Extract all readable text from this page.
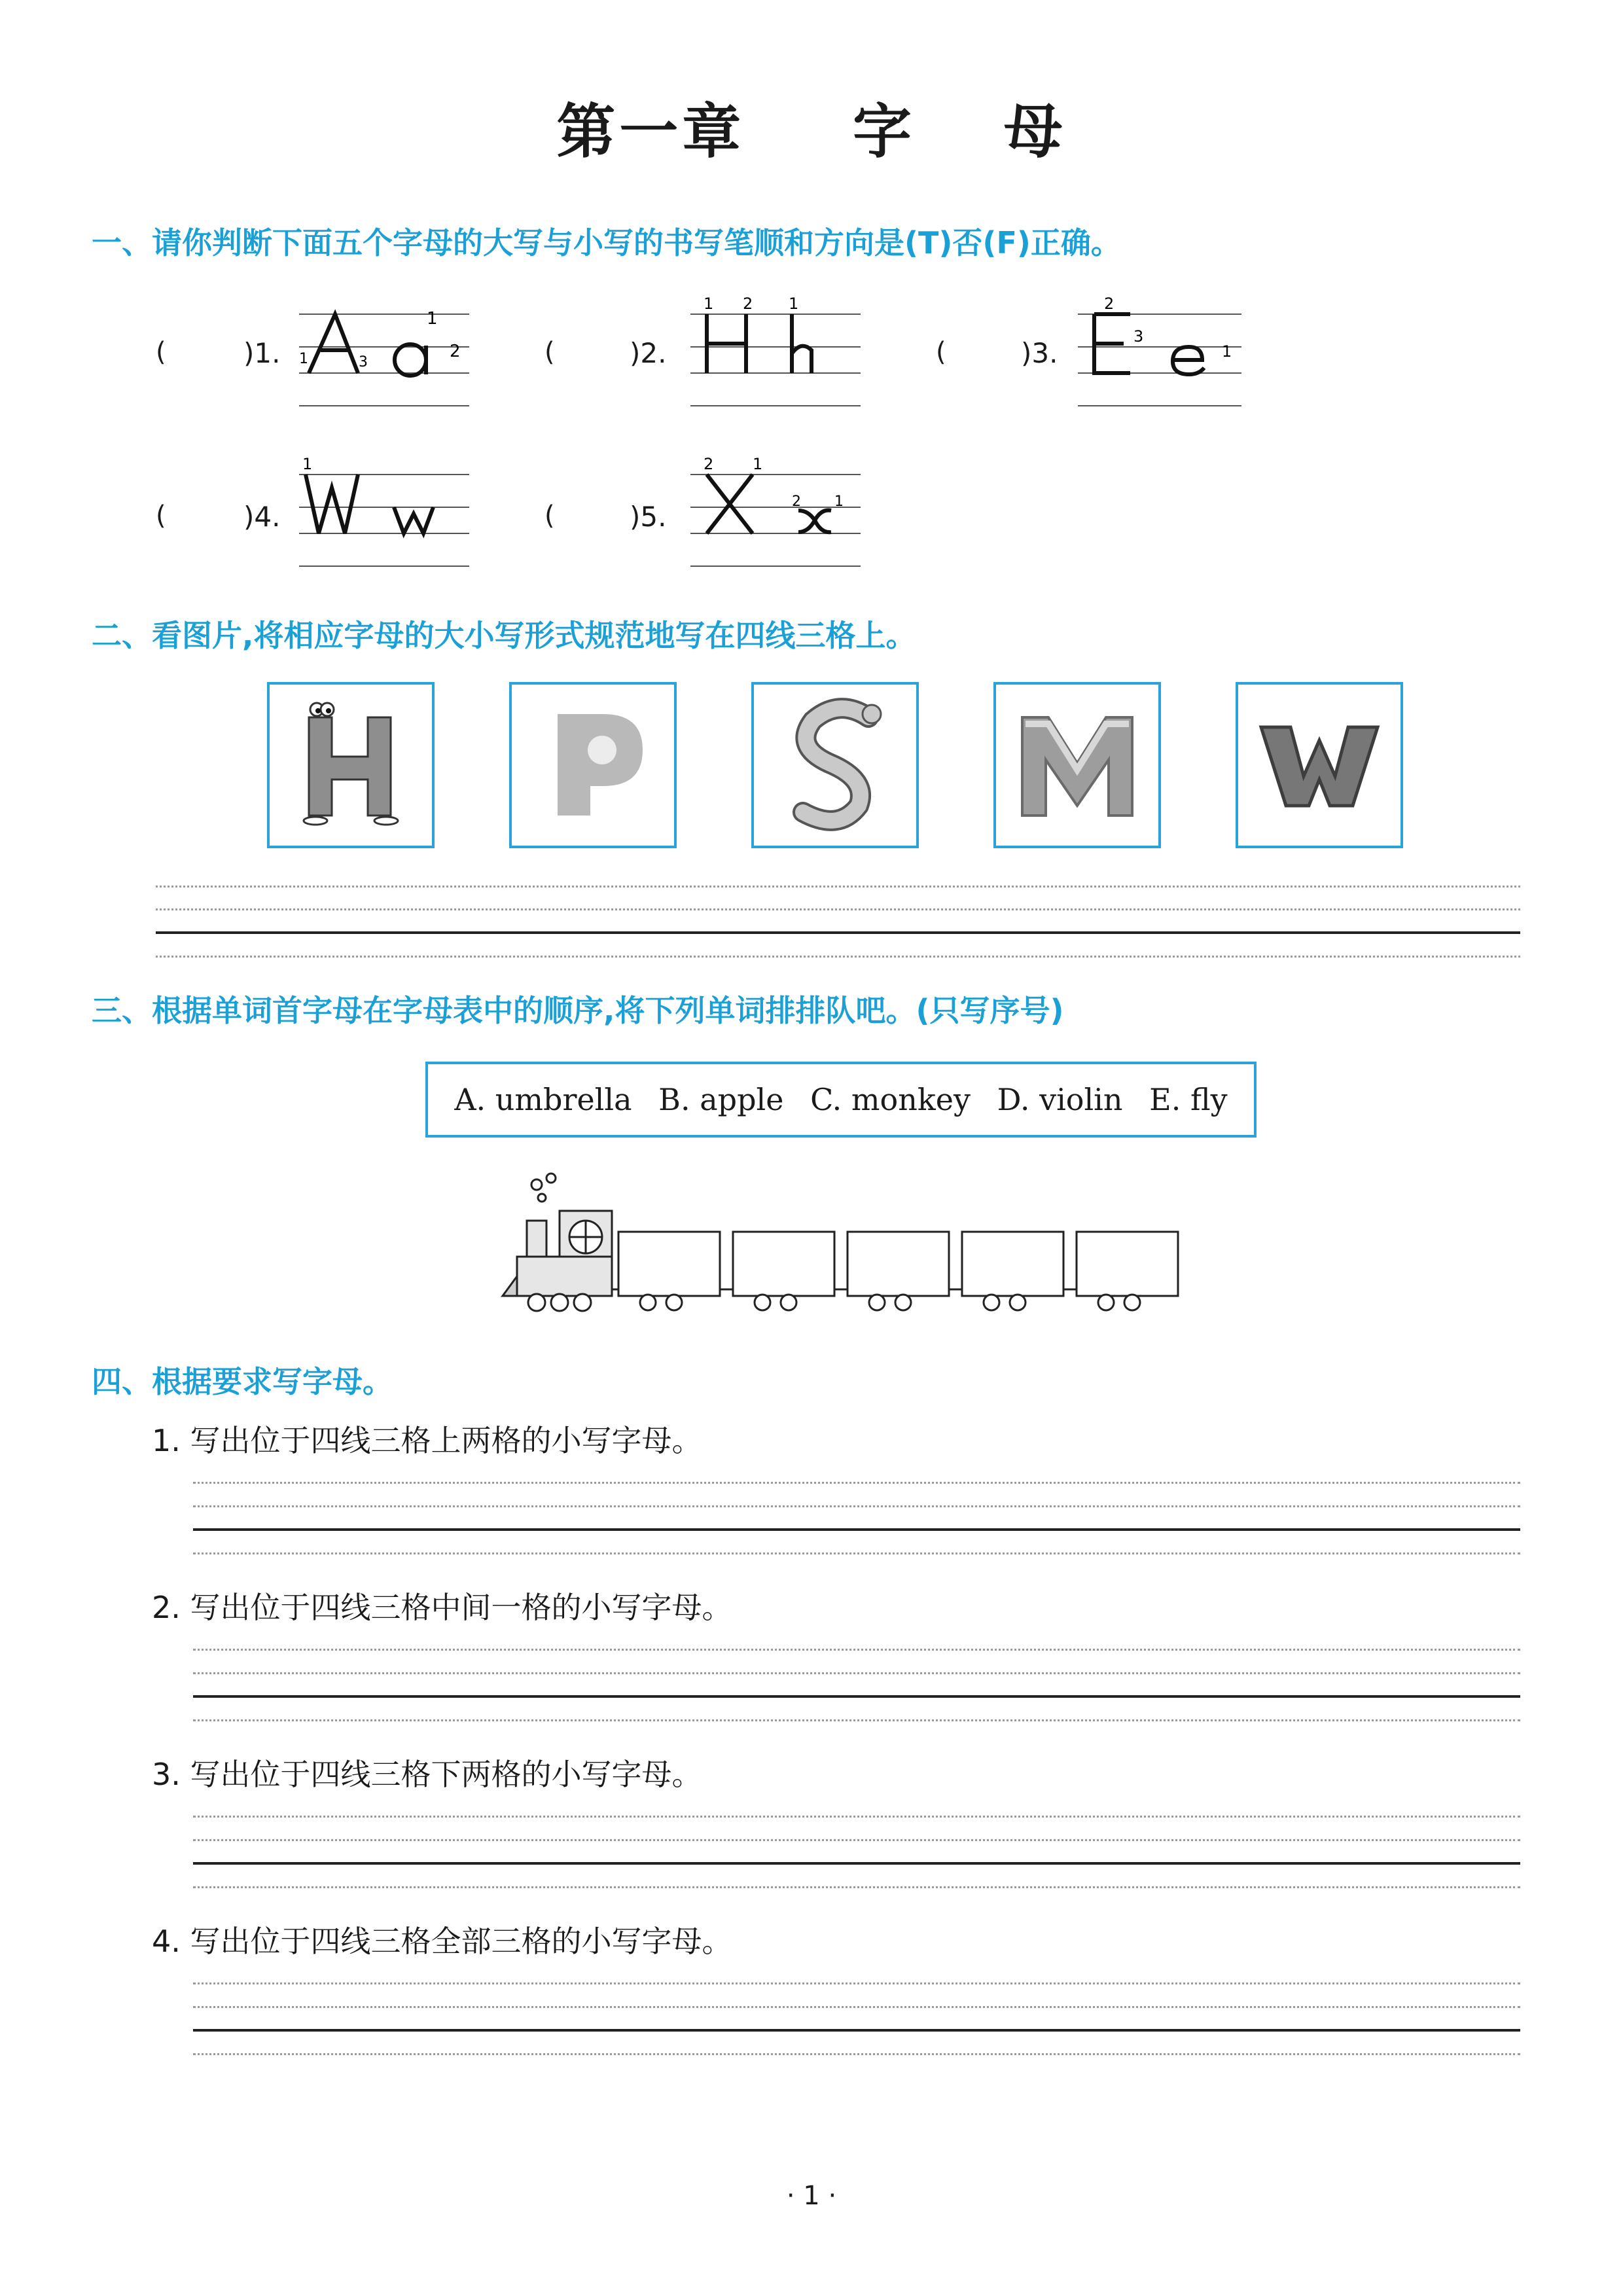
第一章 字 母
一、请你判断下面五个字母的大写与小写的书写笔顺和方向是(T)否(F)正确。
(	)1.
1
2
1	3	(	)2.
1 2 1
(	)3.
2
3
1
(	)4.
1
(	)5.
2 1
2 1
二、看图片,将相应字母的大小写形式规范地写在四线三格上。
三、根据单词首字母在字母表中的顺序,将下列单词排排队吧。(只写序号)
A. umbrella B. apple C. monkey D. violin E. fly
四、根据要求写字母。
1. 写出位于四线三格上两格的小写字母。
2. 写出位于四线三格中间一格的小写字母。
3. 写出位于四线三格下两格的小写字母。
4. 写出位于四线三格全部三格的小写字母。
· 1 ·
